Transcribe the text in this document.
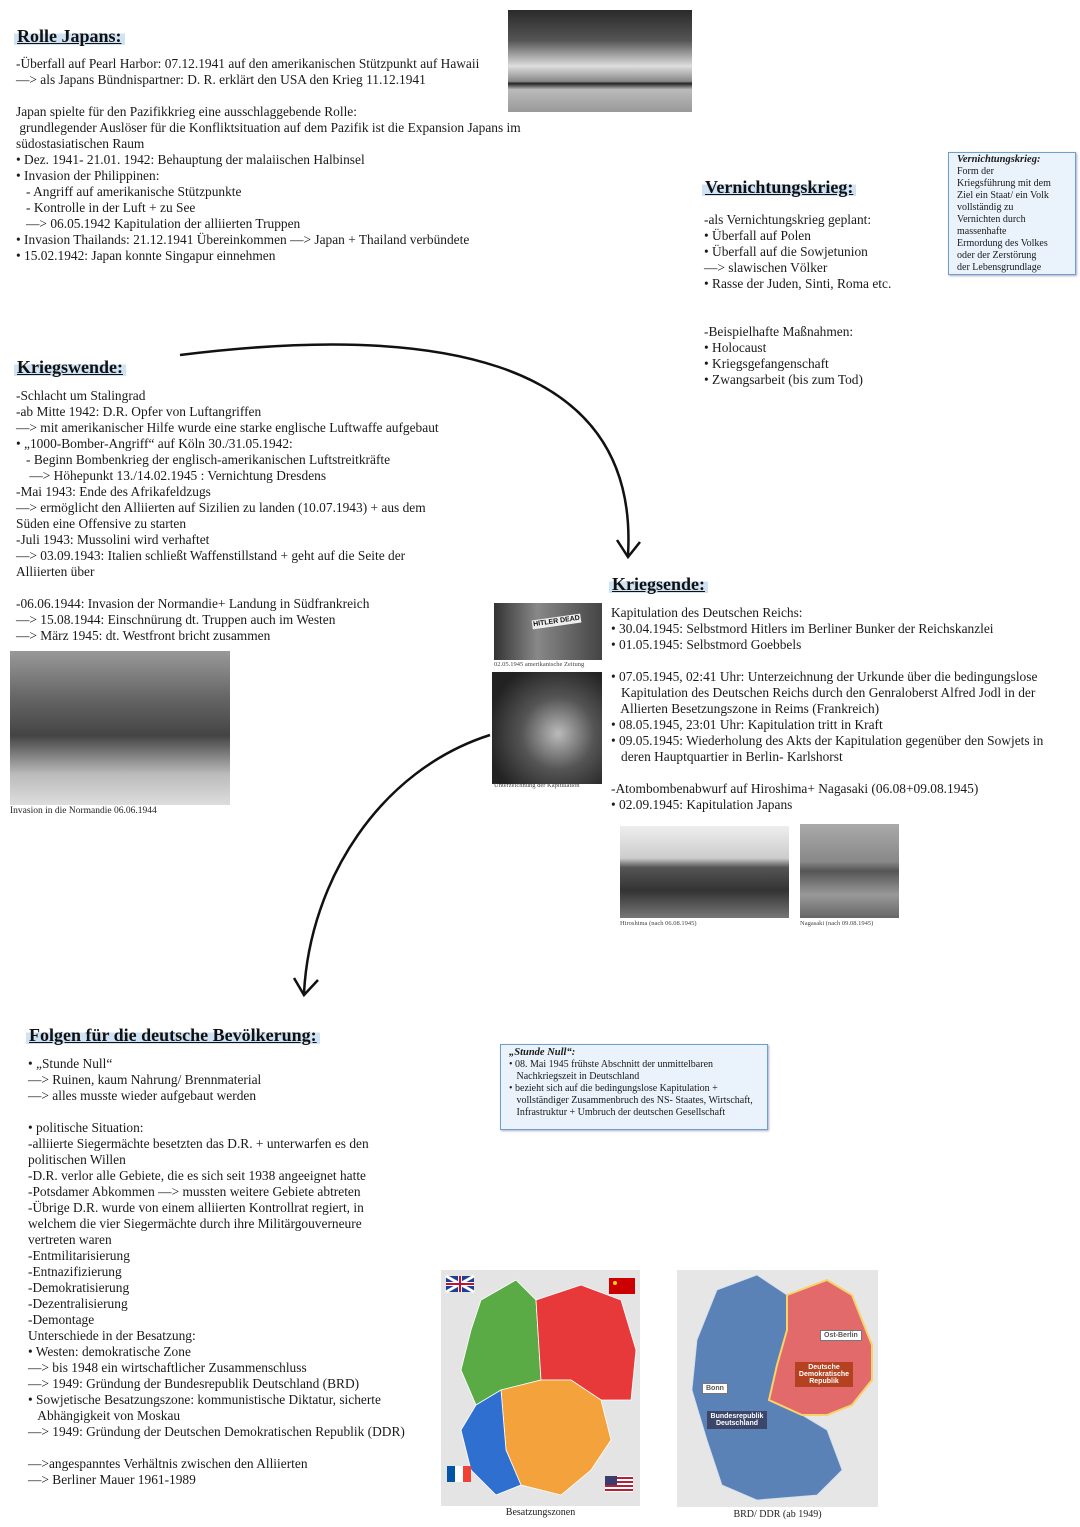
Rolle Japans:
-Überfall auf Pearl Harbor: 07.12.1941 auf den amerikanischen Stützpunkt auf Hawaii
—> als Japans Bündnispartner: D. R. erklärt den USA den Krieg 11.12.1941
Japan spielte für den Pazifikkrieg eine ausschlaggebende Rolle:
grundlegender Auslöser für die Konfliktsituation auf dem Pazifik ist die Expansion Japans im
südostasiatischen Raum
• Dez. 1941- 21.01. 1942: Behauptung der malaiischen Halbinsel
• Invasion der Philippinen:
- Angriff auf amerikanische Stützpunkte
- Kontrolle in der Luft + zu See
—> 06.05.1942 Kapitulation der alliierten Truppen
• Invasion Thailands: 21.12.1941 Übereinkommen —> Japan + Thailand verbündete
• 15.02.1942: Japan konnte Singapur einnehmen
Vernichtungskrieg:
-als Vernichtungskrieg geplant:
• Überfall auf Polen
• Überfall auf die Sowjetunion
—> slawischen Völker
• Rasse der Juden, Sinti, Roma etc.
-Beispielhafte Maßnahmen:
• Holocaust
• Kriegsgefangenschaft
• Zwangsarbeit (bis zum Tod)
Vernichtungskrieg:
Form der
Kriegsführung mit dem
Ziel ein Staat/ ein Volk
vollständig zu
Vernichten durch
massenhafte
Ermordung des Volkes
oder der Zerstörung
der Lebensgrundlage
Kriegswende:
-Schlacht um Stalingrad
-ab Mitte 1942: D.R. Opfer von Luftangriffen
—> mit amerikanischer Hilfe wurde eine starke englische Luftwaffe aufgebaut
• „1000-Bomber-Angriff“ auf Köln 30./31.05.1942:
- Beginn Bombenkrieg der englisch-amerikanischen Luftstreitkräfte
—> Höhepunkt 13./14.02.1945 : Vernichtung Dresdens
-Mai 1943: Ende des Afrikafeldzugs
—> ermöglicht den Alliierten auf Sizilien zu landen (10.07.1943) + aus dem
Süden eine Offensive zu starten
-Juli 1943: Mussolini wird verhaftet
—> 03.09.1943: Italien schließt Waffenstillstand + geht auf die Seite der
Alliierten über
-06.06.1944: Invasion der Normandie+ Landung in Südfrankreich
—> 15.08.1944: Einschnürung dt. Truppen auch im Westen
—> März 1945: dt. Westfront bricht zusammen
Invasion in die Normandie 06.06.1944
Kriegsende:
Kapitulation des Deutschen Reichs:
• 30.04.1945: Selbstmord Hitlers im Berliner Bunker der Reichskanzlei
• 01.05.1945: Selbstmord Goebbels
• 07.05.1945, 02:41 Uhr: Unterzeichnung der Urkunde über die bedingungslose
Kapitulation des Deutschen Reichs durch den Genraloberst Alfred Jodl in der
Allierten Besetzungszone in Reims (Frankreich)
• 08.05.1945, 23:01 Uhr: Kapitulation tritt in Kraft
• 09.05.1945: Wiederholung des Akts der Kapitulation gegenüber den Sowjets in
deren Hauptquartier in Berlin- Karlshorst
-Atombombenabwurf auf Hiroshima+ Nagasaki (06.08+09.08.1945)
• 02.09.1945: Kapitulation Japans
HITLER DEAD
02.05.1945 amerikanische Zeitung
Unterzeichnung der Kapitulation
Hiroshima (nach 06.08.1945)	Nagasaki (nach 09.08.1945)
Folgen für die deutsche Bevölkerung:
• „Stunde Null“
—> Ruinen, kaum Nahrung/ Brennmaterial
—> alles musste wieder aufgebaut werden
• politische Situation:
-alliierte Siegermächte besetzten das D.R. + unterwarfen es den
politischen Willen
-D.R. verlor alle Gebiete, die es sich seit 1938 angeeignet hatte
-Potsdamer Abkommen —> mussten weitere Gebiete abtreten
-Übrige D.R. wurde von einem alliierten Kontrollrat regiert, in
welchem die vier Siegermächte durch ihre Militärgouverneure
vertreten waren
-Entmilitarisierung
-Entnazifizierung
-Demokratisierung
-Dezentralisierung
-Demontage
Unterschiede in der Besatzung:
• Westen: demokratische Zone
—> bis 1948 ein wirtschaftlicher Zusammenschluss
—> 1949: Gründung der Bundesrepublik Deutschland (BRD)
• Sowjetische Besatzungszone: kommunistische Diktatur, sicherte
Abhängigkeit von Moskau
—> 1949: Gründung der Deutschen Demokratischen Republik (DDR)
—>angespanntes Verhältnis zwischen den Alliierten
—> Berliner Mauer 1961-1989
„Stunde Null“:
• 08. Mai 1945 frühste Abschnitt der unmittelbaren
Nachkriegszeit in Deutschland
• bezieht sich auf die bedingungslose Kapitulation +
vollständiger Zusammenbruch des NS- Staates, Wirtschaft,
Infrastruktur + Umbruch der deutschen Gesellschaft
Besatzungszonen
Ost-Berlin
Deutsche Demokratische Republik
Bonn
Bundesrepublik Deutschland
BRD/ DDR (ab 1949)
